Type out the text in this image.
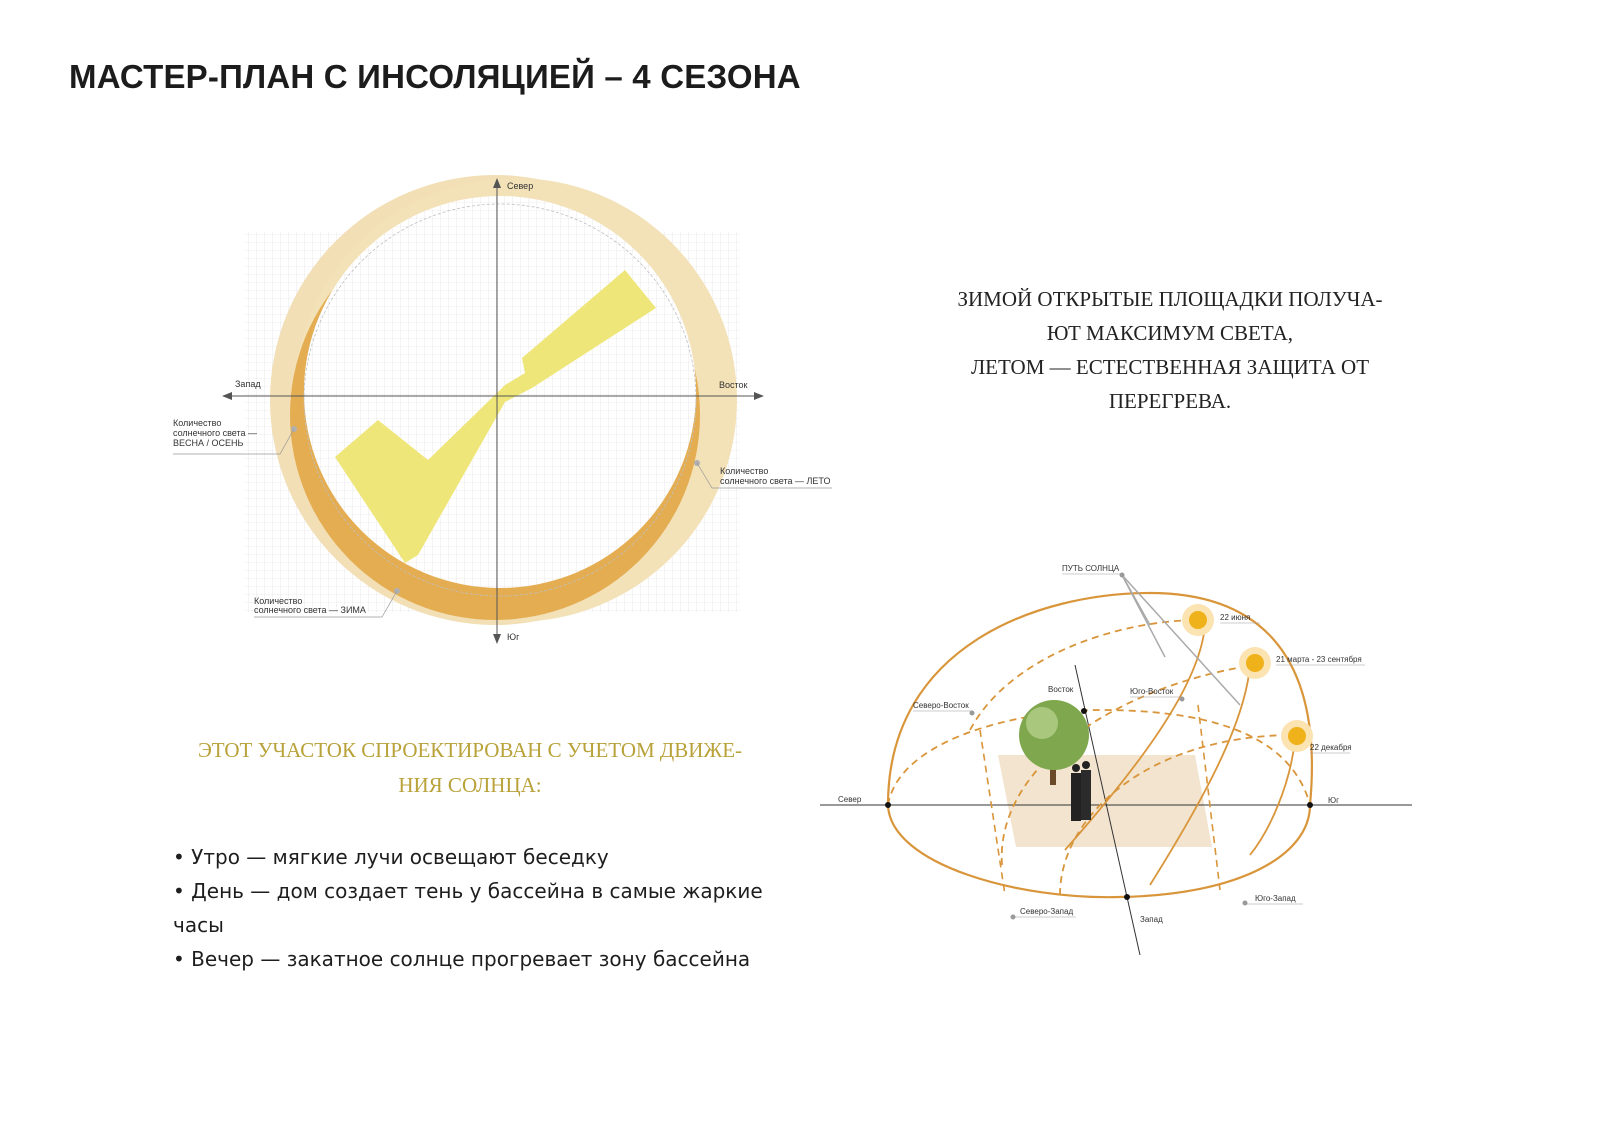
МАСТЕР-ПЛАН С ИНСОЛЯЦИЕЙ – 4 СЕЗОНА
Север
Юг
Запад	Восток
Количество
солнечного света —
ВЕСНА / ОСЕНЬ
Количество
солнечного света — ЛЕТО
Количество
солнечного света — ЗИМА
ЗИМОЙ ОТКРЫТЫЕ ПЛОЩАДКИ ПОЛУЧА-
ЮТ МАКСИМУМ СВЕТА,
ЛЕТОМ — ЕСТЕСТВЕННАЯ ЗАЩИТА ОТ
ПЕРЕГРЕВА.
ПУТЬ СОЛНЦА
22 июня
21 марта - 23 сентября
22 декабря
Север	Юг
Восток
Запад
Северо-Восток
Юго-Восток
Северо-Запад
Юго-Запад
ЭТОТ УЧАСТОК СПРОЕКТИРОВАН С УЧЕТОМ ДВИЖЕ-
НИЯ СОЛНЦА:
• Утро — мягкие лучи освещают беседку
• День — дом создает тень у бассейна в самые жаркие часы
• Вечер — закатное солнце прогревает зону бассейна
